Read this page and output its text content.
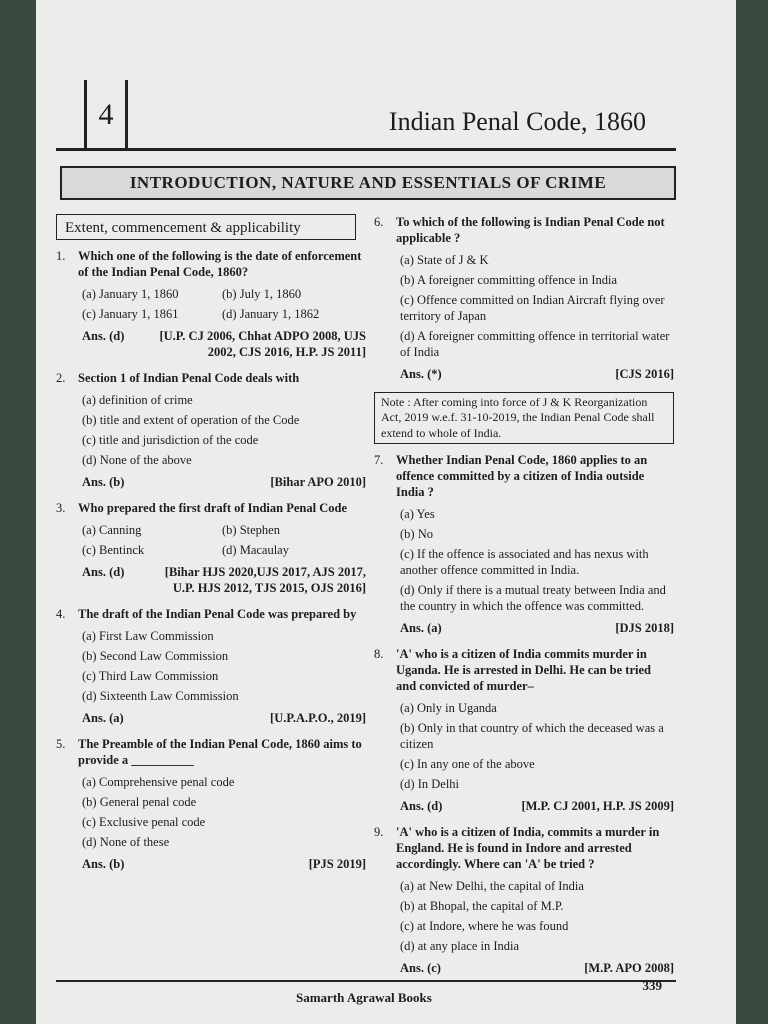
4	Indian Penal Code, 1860
INTRODUCTION, NATURE AND ESSENTIALS OF CRIME
Extent, commencement & applicability
1. Which one of the following is the date of enforcement of the Indian Penal Code, 1860?
(a) January 1, 1860	(b) July 1, 1860
(c) January 1, 1861	(d) January 1, 1862
Ans. (d)	[U.P. CJ 2006, Chhat ADPO 2008, UJS 2002, CJS 2016, H.P. JS 2011]
2. Section 1 of Indian Penal Code deals with
(a) definition of crime
(b) title and extent of operation of the Code
(c) title and jurisdiction of the code
(d) None of the above
Ans. (b)	[Bihar APO 2010]
3. Who prepared the first draft of Indian Penal Code
(a) Canning	(b) Stephen
(c) Bentinck	(d) Macaulay
Ans. (d)	[Bihar HJS 2020,UJS 2017, AJS 2017, U.P. HJS 2012, TJS 2015, OJS 2016]
4. The draft of the Indian Penal Code was prepared by
(a) First Law Commission
(b) Second Law Commission
(c) Third Law Commission
(d) Sixteenth Law Commission
Ans. (a)	[U.P.A.P.O., 2019]
5. The Preamble of the Indian Penal Code, 1860 aims to provide a __________
(a) Comprehensive penal code
(b) General penal code
(c) Exclusive penal code
(d) None of these
Ans. (b)	[PJS 2019]
6. To which of the following is Indian Penal Code not applicable ?
(a) State of J & K
(b) A foreigner committing offence in India
(c) Offence committed on Indian Aircraft flying over territory of Japan
(d) A foreigner committing offence in territorial water of India
Ans. (*)	[CJS 2016]
Note : After coming into force of J & K Reorganization Act, 2019 w.e.f. 31-10-2019, the Indian Penal Code shall extend to whole of India.
7. Whether Indian Penal Code, 1860 applies to an offence committed by a citizen of India outside India ?
(a) Yes
(b) No
(c) If the offence is associated and has nexus with another offence committed in India.
(d) Only if there is a mutual treaty between India and the country in which the offence was committed.
Ans. (a)	[DJS 2018]
8. 'A' who is a citizen of India commits murder in Uganda. He is arrested in Delhi. He can be tried and convicted of murder–
(a) Only in Uganda
(b) Only in that country of which the deceased was a citizen
(c) In any one of the above
(d) In Delhi
Ans. (d)	[M.P. CJ 2001, H.P. JS 2009]
9. 'A' who is a citizen of India, commits a murder in England. He is found in Indore and arrested accordingly. Where can 'A' be tried ?
(a) at New Delhi, the capital of India
(b) at Bhopal, the capital of M.P.
(c) at Indore, where he was found
(d) at any place in India
Ans. (c)	[M.P. APO 2008]
Samarth Agrawal Books
339
